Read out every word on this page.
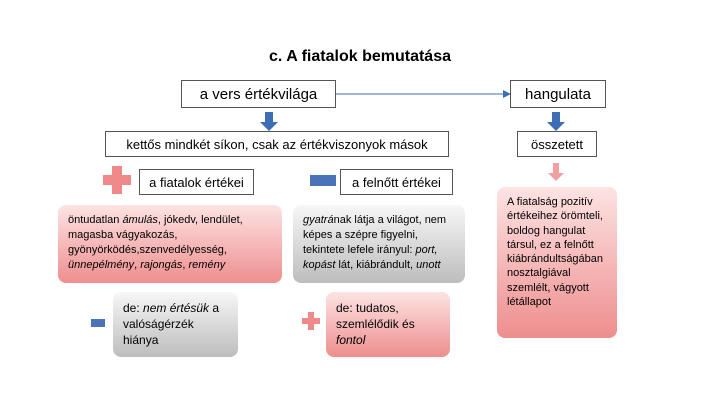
c. A fiatalok bemutatása
a vers értékvilága	hangulata
kettős mindkét síkon, csak az értékviszonyok mások	összetett
a fiatalok értékei	a felnőtt értékei
öntudatlan ámulás, jókedv, lendület, magasba vágyakozás, gyönyörködés,szenvedélyesség, ünnepélmény, rajongás, remény
gyatrának látja a világot, nem képes a szépre figyelni, tekintete lefele irányul: port, kopást lát, kiábrándult, unott
de: nem értésük a valóságérzék hiánya
de: tudatos, szemlélődik és fontol
A fiatalság pozitív értékeihez örömteli, boldog hangulat társul, ez a felnőtt kiábrándultságában nosztalgiával szemlélt, vágyott létállapot
